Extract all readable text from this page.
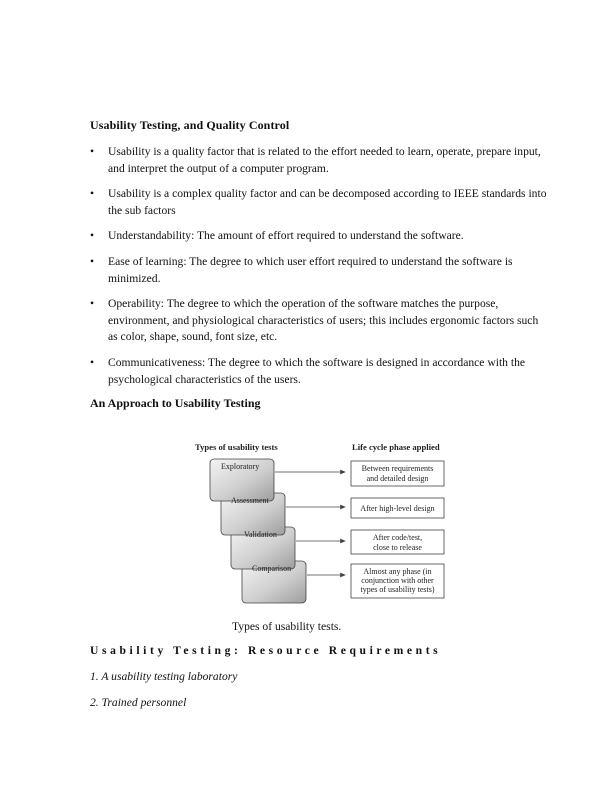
Usability Testing, and Quality Control
• Usability is a quality factor that is related to the effort needed to learn, operate, prepare input, and interpret the output of a computer program.
• Usability is a complex quality factor and can be decomposed according to IEEE standards into the sub factors
• Understandability: The amount of effort required to understand the software.
• Ease of learning: The degree to which user effort required to understand the software is minimized.
• Operability: The degree to which the operation of the software matches the purpose, environment, and physiological characteristics of users; this includes ergonomic factors such as color, shape, sound, font size, etc.
• Communicativeness: The degree to which the software is designed in accordance with the psychological characteristics of the users.
An Approach to Usability Testing
Types of usability tests	Life cycle phase applied
Exploratory
Assessment
Validation
Comparison
Between requirements
and detailed design
After high-level design
After code/test,
close to release
Almost any phase (in
conjunction with other
types of usability tests)
Types of usability tests.
Usability Testing: Resource Requirements
1. A usability testing laboratory
2. Trained personnel
